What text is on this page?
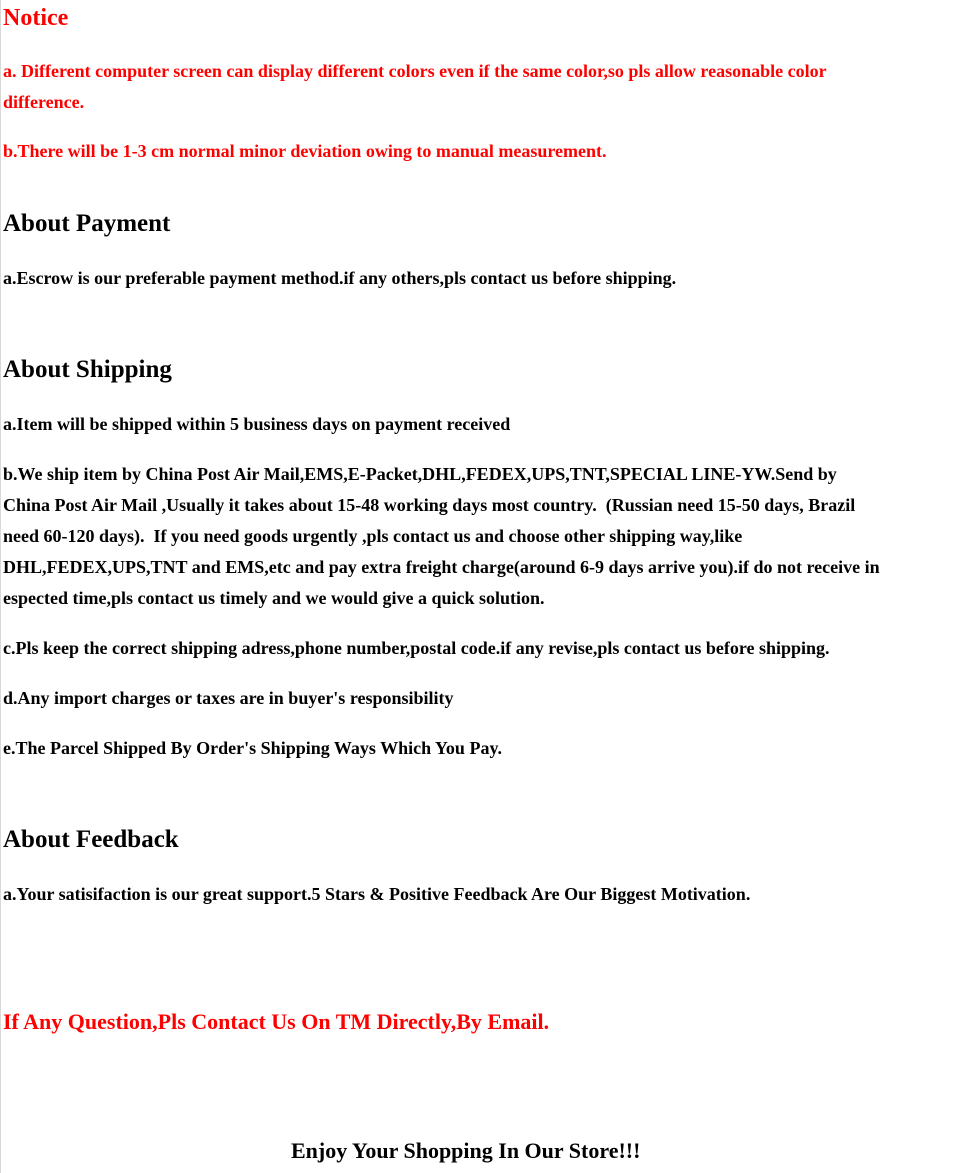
Notice
a. Different computer screen can display different colors even if the same color,so pls allow reasonable color
difference.
b.There will be 1-3 cm normal minor deviation owing to manual measurement.
About Payment
a.Escrow is our preferable payment method.if any others,pls contact us before shipping.
About Shipping
a.Item will be shipped within 5 business days on payment received
b.We ship item by China Post Air Mail,EMS,E-Packet,DHL,FEDEX,UPS,TNT,SPECIAL LINE-YW.Send by
China Post Air Mail ,Usually it takes about 15-48 working days most country.  (Russian need 15-50 days, Brazil
need 60-120 days).  If you need goods urgently ,pls contact us and choose other shipping way,like
DHL,FEDEX,UPS,TNT and EMS,etc and pay extra freight charge(around 6-9 days arrive you).if do not receive in
espected time,pls contact us timely and we would give a quick solution.
c.Pls keep the correct shipping adress,phone number,postal code.if any revise,pls contact us before shipping.
d.Any import charges or taxes are in buyer's responsibility
e.The Parcel Shipped By Order's Shipping Ways Which You Pay.
About Feedback
a.Your satisifaction is our great support.5 Stars & Positive Feedback Are Our Biggest Motivation.
If Any Question,Pls Contact Us On TM Directly,By Email.
Enjoy Your Shopping In Our Store!!!
